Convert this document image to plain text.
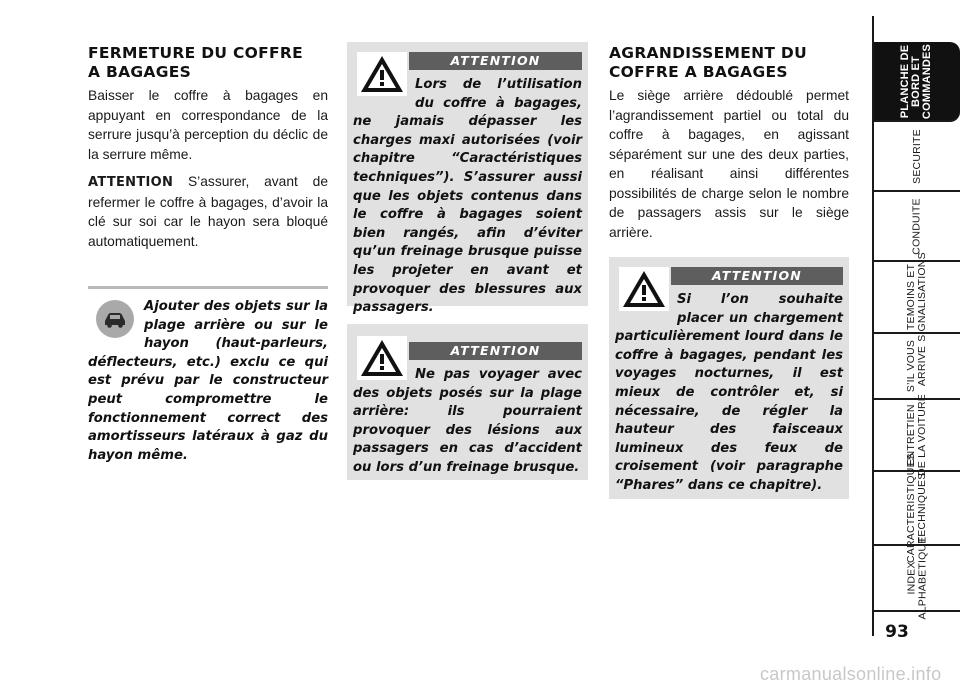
FERMETURE DU COFFRE
A BAGAGES

Baisser le coffre à bagages en appuyant en correspondance de la serrure jusqu’à perception du déclic de la serrure même.

ATTENTION S’assurer, avant de refermer le coffre à bagages, d’avoir la clé sur soi car le hayon sera bloqué automatiquement.

Ajouter des objets sur la plage arrière ou sur le hayon (haut-parleurs, déflecteurs, etc.) exclu ce qui est prévu par le constructeur peut compromettre le fonctionnement correct des amortisseurs latéraux à gaz du hayon même.

ATTENTION

Lors de l’utilisation du coffre à bagages, ne jamais dépasser les charges maxi autorisées (voir chapitre “Caractéristiques techniques”). S’assurer aussi que les objets contenus dans le coffre à bagages soient bien rangés, afin d’éviter qu’un freinage brusque puisse les projeter en avant et provoquer des blessures aux passagers.

ATTENTION

Ne pas voyager avec des objets posés sur la plage arrière: ils pourraient provoquer des lésions aux passagers en cas d’accident ou lors d’un freinage brusque.

AGRANDISSEMENT DU
COFFRE A BAGAGES

Le siège arrière dédoublé permet l’agrandissement partiel ou total du coffre à bagages, en agissant séparément sur une des deux parties, en réalisant ainsi différentes possibilités de charge selon le nombre de passagers assis sur le siège arrière.

ATTENTION

Si l’on souhaite placer un chargement particulièrement lourd dans le coffre à bagages, pendant les voyages nocturnes, il est mieux de contrôler et, si nécessaire, de régler la hauteur des faisceaux lumineux des feux de croisement (voir paragraphe “Phares” dans ce chapitre).

PLANCHE DE
BORD ET
COMMANDES
SECURITE
CONDUITE
TEMOINS ET
SIGNALISATIONS
S’IL VOUS
ARRIVE
ENTRETIEN
DE LA VOITURE
CARACTERISTIQUES
TECHNIQUES
INDEX
ALPHABETIQUE
93
carmanualsonline.info
